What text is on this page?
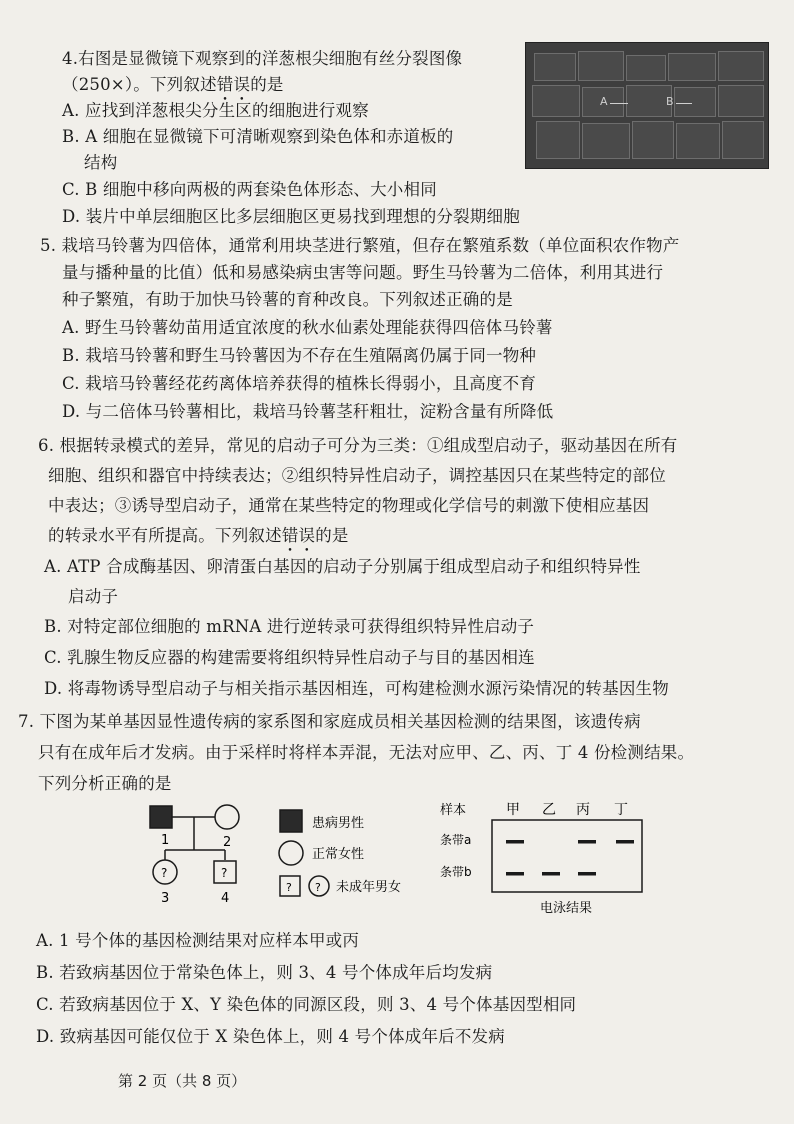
4.右图是显微镜下观察到的洋葱根尖细胞有丝分裂图像
（250×）。下列叙述错误的是
A. 应找到洋葱根尖分生区的细胞进行观察
B. A 细胞在显微镜下可清晰观察到染色体和赤道板的
结构
C. B 细胞中移向两极的两套染色体形态、大小相同
D. 装片中单层细胞区比多层细胞区更易找到理想的分裂期细胞
A	B
5. 栽培马铃薯为四倍体，通常利用块茎进行繁殖，但存在繁殖系数（单位面积农作物产
量与播种量的比值）低和易感染病虫害等问题。野生马铃薯为二倍体，利用其进行
种子繁殖，有助于加快马铃薯的育种改良。下列叙述正确的是
A. 野生马铃薯幼苗用适宜浓度的秋水仙素处理能获得四倍体马铃薯
B. 栽培马铃薯和野生马铃薯因为不存在生殖隔离仍属于同一物种
C. 栽培马铃薯经花药离体培养获得的植株长得弱小，且高度不育
D. 与二倍体马铃薯相比，栽培马铃薯茎秆粗壮，淀粉含量有所降低
6. 根据转录模式的差异，常见的启动子可分为三类：①组成型启动子，驱动基因在所有
细胞、组织和器官中持续表达；②组织特异性启动子，调控基因只在某些特定的部位
中表达；③诱导型启动子，通常在某些特定的物理或化学信号的刺激下使相应基因
的转录水平有所提高。下列叙述错误的是
A. ATP 合成酶基因、卵清蛋白基因的启动子分别属于组成型启动子和组织特异性
启动子
B. 对特定部位细胞的 mRNA 进行逆转录可获得组织特异性启动子
C. 乳腺生物反应器的构建需要将组织特异性启动子与目的基因相连
D. 将毒物诱导型启动子与相关指示基因相连，可构建检测水源污染情况的转基因生物
7. 下图为某单基因显性遗传病的家系图和家庭成员相关基因检测的结果图，该遗传病
只有在成年后才发病。由于采样时将样本弄混，无法对应甲、乙、丙、丁 4 份检测结果。
下列分析正确的是
1	2
?	?
3	4
患病男性
正常女性
? ? 未成年男女
样本	甲 乙 丙 丁
条带a
条带b
电泳结果
A. 1 号个体的基因检测结果对应样本甲或丙
B. 若致病基因位于常染色体上，则 3、4 号个体成年后均发病
C. 若致病基因位于 X、Y 染色体的同源区段，则 3、4 号个体基因型相同
D. 致病基因可能仅位于 X 染色体上，则 4 号个体成年后不发病
第 2 页（共 8 页）
